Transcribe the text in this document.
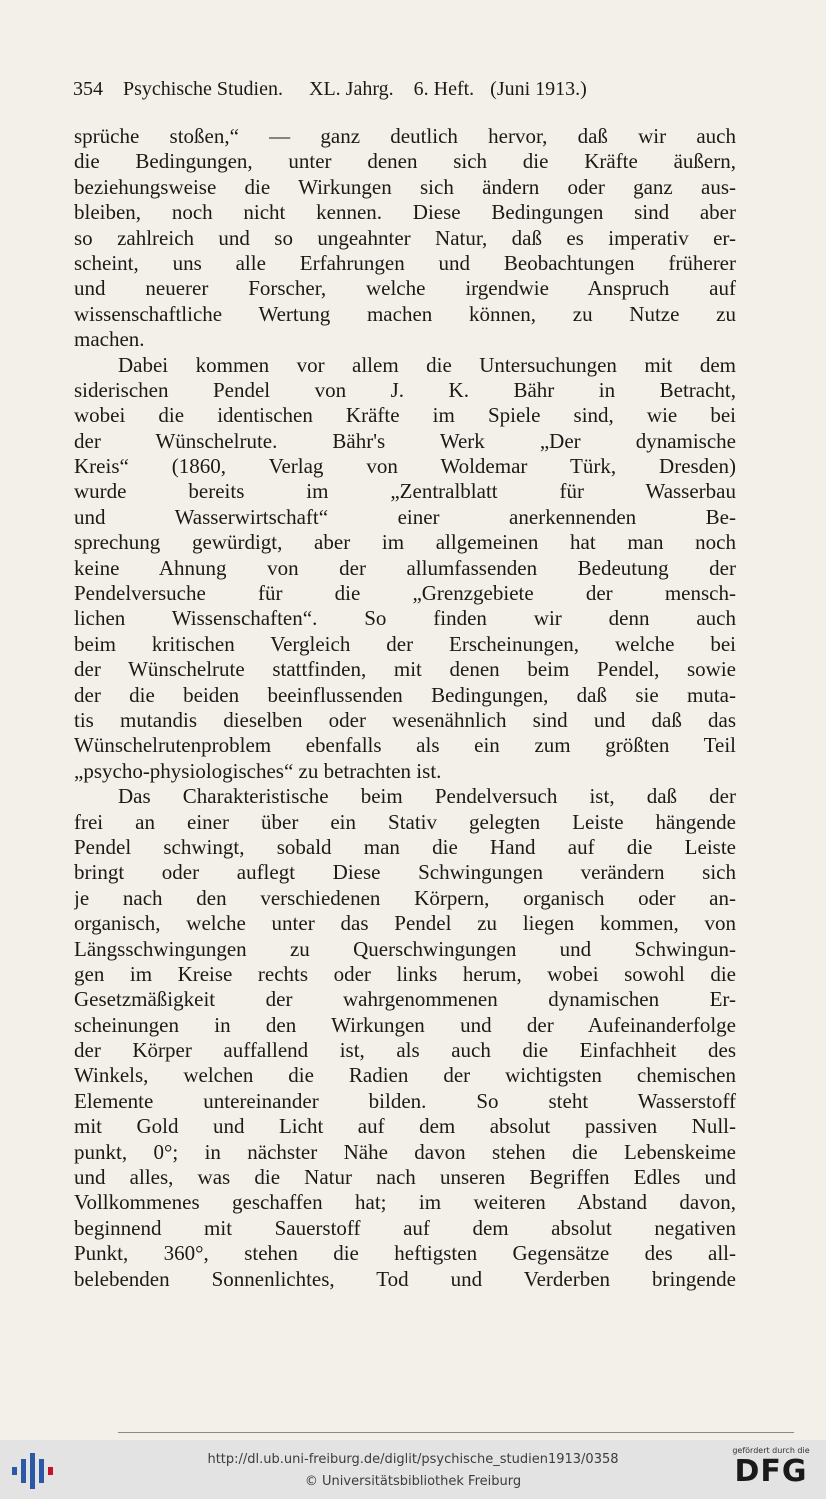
354 Psychische Studien. XL. Jahrg. 6. Heft. (Juni 1913.)
sprüche stoßen,“ — ganz deutlich hervor, daß wir auch
die Bedingungen, unter denen sich die Kräfte äußern,
beziehungsweise die Wirkungen sich ändern oder ganz aus-
bleiben, noch nicht kennen. Diese Bedingungen sind aber
so zahlreich und so ungeahnter Natur, daß es imperativ er-
scheint, uns alle Erfahrungen und Beobachtungen früherer
und neuerer Forscher, welche irgendwie Anspruch auf
wissenschaftliche Wertung machen können, zu Nutze zu
machen.
Dabei kommen vor allem die Untersuchungen mit dem
siderischen Pendel von J. K. Bähr in Betracht,
wobei die identischen Kräfte im Spiele sind, wie bei
der Wünschelrute. Bähr's Werk „Der dynamische
Kreis“ (1860, Verlag von Woldemar Türk, Dresden)
wurde bereits im „Zentralblatt für Wasserbau
und Wasserwirtschaft“ einer anerkennenden Be-
sprechung gewürdigt, aber im allgemeinen hat man noch
keine Ahnung von der allumfassenden Bedeutung der
Pendelversuche für die „Grenzgebiete der mensch-
lichen Wissenschaften“. So finden wir denn auch
beim kritischen Vergleich der Erscheinungen, welche bei
der Wünschelrute stattfinden, mit denen beim Pendel, sowie
der die beiden beeinflussenden Bedingungen, daß sie muta-
tis mutandis dieselben oder wesenähnlich sind und daß das
Wünschelrutenproblem ebenfalls als ein zum größten Teil
„psycho-physiologisches“ zu betrachten ist.
Das Charakteristische beim Pendelversuch ist, daß der
frei an einer über ein Stativ gelegten Leiste hängende
Pendel schwingt, sobald man die Hand auf die Leiste
bringt oder auflegt Diese Schwingungen verändern sich
je nach den verschiedenen Körpern, organisch oder an-
organisch, welche unter das Pendel zu liegen kommen, von
Längsschwingungen zu Querschwingungen und Schwingun-
gen im Kreise rechts oder links herum, wobei sowohl die
Gesetzmäßigkeit der wahrgenommenen dynamischen Er-
scheinungen in den Wirkungen und der Aufeinanderfolge
der Körper auffallend ist, als auch die Einfachheit des
Winkels, welchen die Radien der wichtigsten chemischen
Elemente untereinander bilden. So steht Wasserstoff
mit Gold und Licht auf dem absolut passiven Null-
punkt, 0°; in nächster Nähe davon stehen die Lebenskeime
und alles, was die Natur nach unseren Begriffen Edles und
Vollkommenes geschaffen hat; im weiteren Abstand davon,
beginnend mit Sauerstoff auf dem absolut negativen
Punkt, 360°, stehen die heftigsten Gegensätze des all-
belebenden Sonnenlichtes, Tod und Verderben bringende
http://dl.ub.uni-freiburg.de/diglit/psychische_studien1913/0358
© Universitätsbibliothek Freiburg
gefördert durch die
DFG
